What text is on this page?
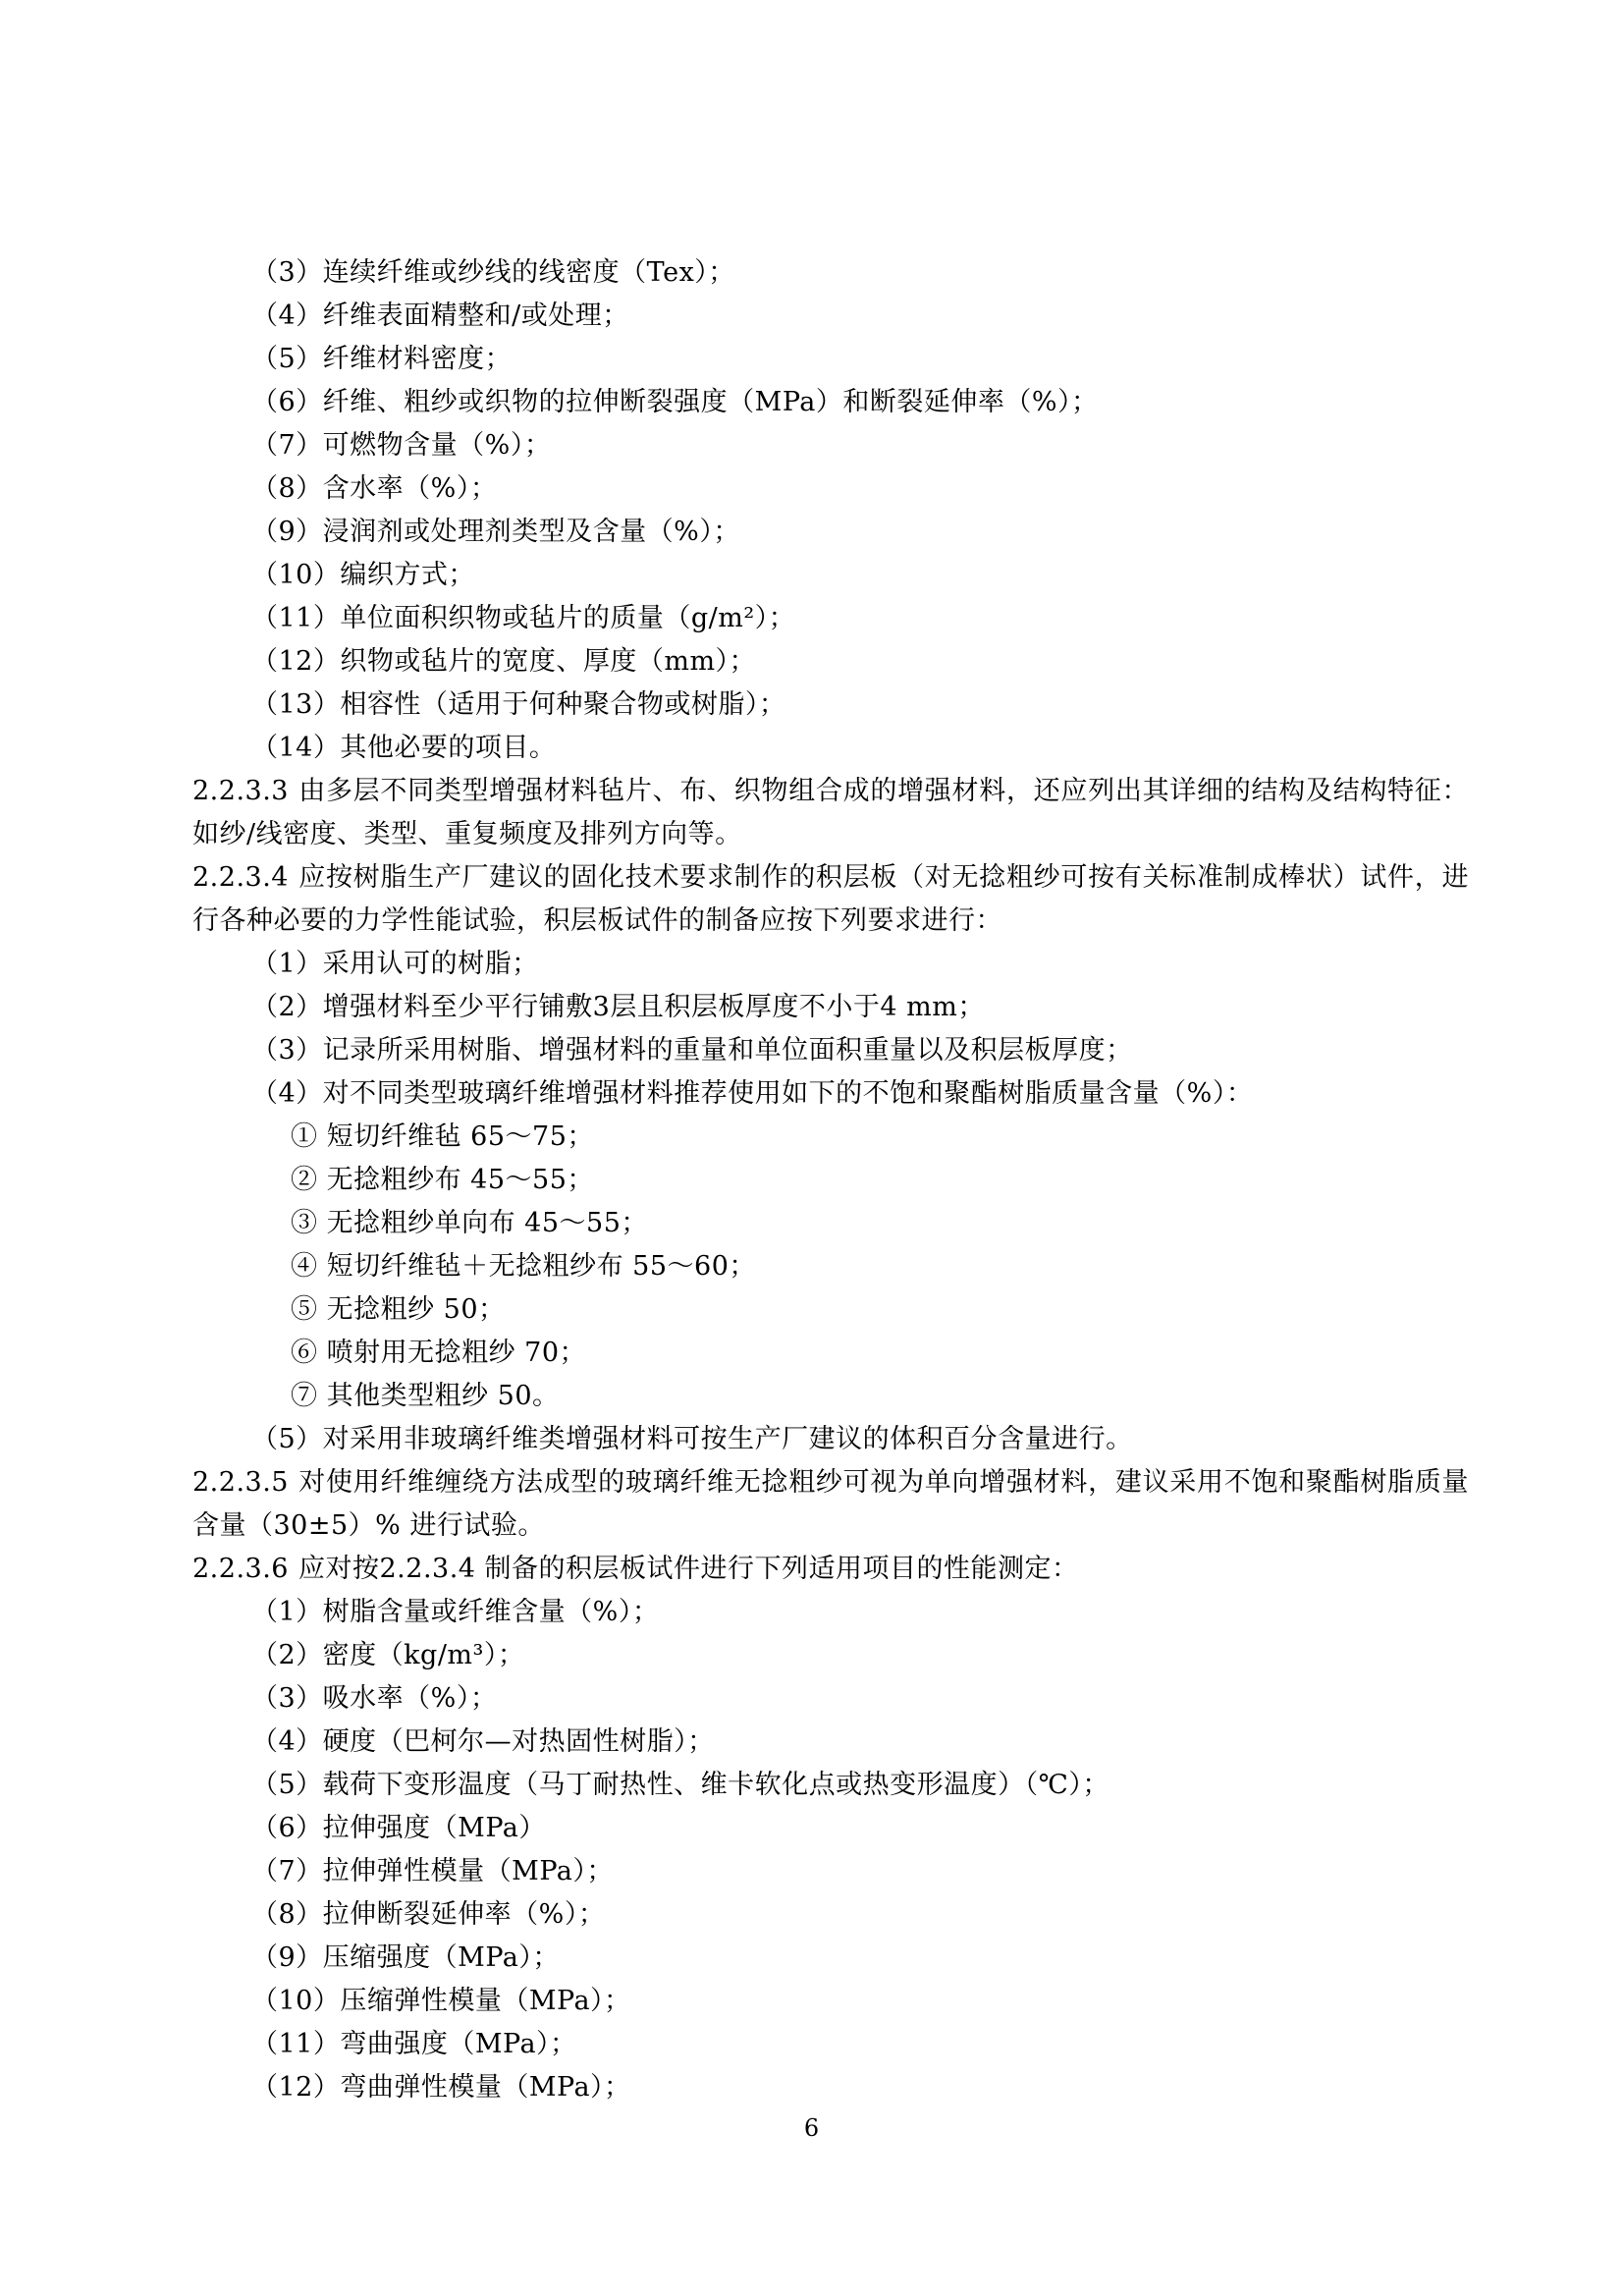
（3）连续纤维或纱线的线密度（Tex）；
（4）纤维表面精整和/或处理；
（5）纤维材料密度；
（6）纤维、粗纱或织物的拉伸断裂强度（MPa）和断裂延伸率（%）；
（7）可燃物含量（%）；
（8）含水率（%）；
（9）浸润剂或处理剂类型及含量（%）；
（10）编织方式；
（11）单位面积织物或毡片的质量（g/m²）；
（12）织物或毡片的宽度、厚度（mm）；
（13）相容性（适用于何种聚合物或树脂）；
（14）其他必要的项目。
2.2.3.3 由多层不同类型增强材料毡片、布、织物组合成的增强材料，还应列出其详细的结构及结构特征：如纱/线密度、类型、重复频度及排列方向等。
2.2.3.4 应按树脂生产厂建议的固化技术要求制作的积层板（对无捻粗纱可按有关标准制成棒状）试件，进行各种必要的力学性能试验，积层板试件的制备应按下列要求进行：
（1）采用认可的树脂；
（2）增强材料至少平行铺敷3层且积层板厚度不小于4 mm；
（3）记录所采用树脂、增强材料的重量和单位面积重量以及积层板厚度；
（4）对不同类型玻璃纤维增强材料推荐使用如下的不饱和聚酯树脂质量含量（%）：
① 短切纤维毡 65～75；
② 无捻粗纱布 45～55；
③ 无捻粗纱单向布 45～55；
④ 短切纤维毡＋无捻粗纱布 55～60；
⑤ 无捻粗纱 50；
⑥ 喷射用无捻粗纱 70；
⑦ 其他类型粗纱 50。
（5）对采用非玻璃纤维类增强材料可按生产厂建议的体积百分含量进行。
2.2.3.5 对使用纤维缠绕方法成型的玻璃纤维无捻粗纱可视为单向增强材料，建议采用不饱和聚酯树脂质量含量（30±5）% 进行试验。
2.2.3.6 应对按2.2.3.4 制备的积层板试件进行下列适用项目的性能测定：
（1）树脂含量或纤维含量（%）；
（2）密度（kg/m³）；
（3）吸水率（%）；
（4）硬度（巴柯尔—对热固性树脂）；
（5）载荷下变形温度（马丁耐热性、维卡软化点或热变形温度）（℃）；
（6）拉伸强度（MPa）
（7）拉伸弹性模量（MPa）；
（8）拉伸断裂延伸率（%）；
（9）压缩强度（MPa）；
（10）压缩弹性模量（MPa）；
（11）弯曲强度（MPa）；
（12）弯曲弹性模量（MPa）；
6
